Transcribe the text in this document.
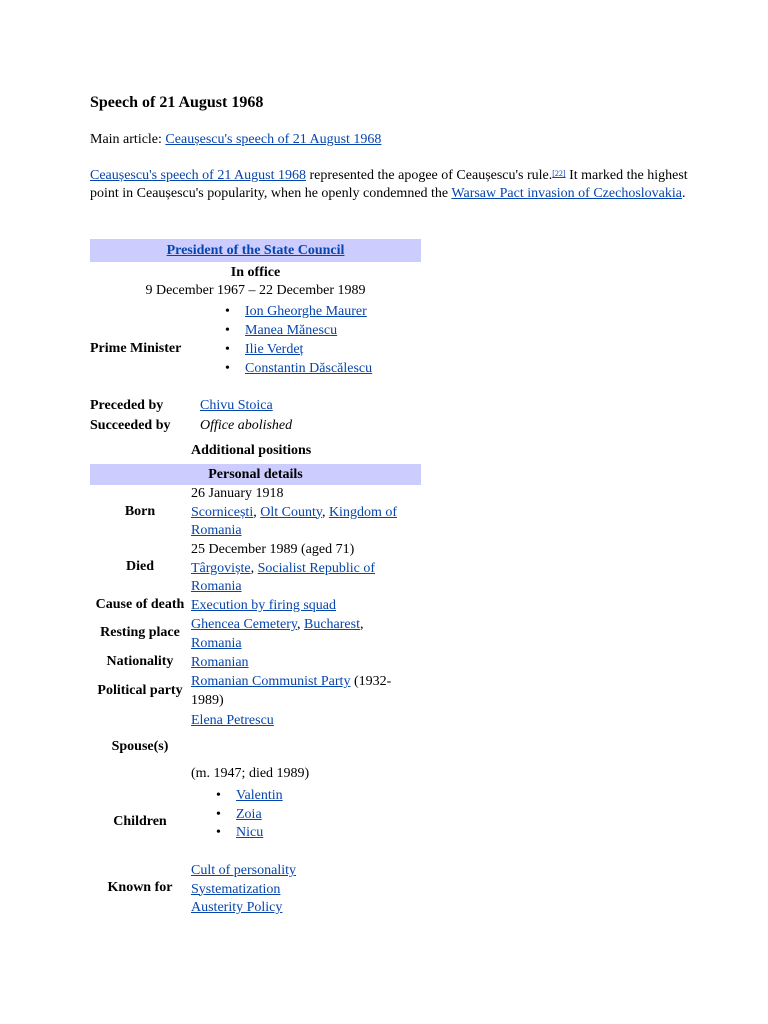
Speech of 21 August 1968
Main article: Ceaușescu's speech of 21 August 1968
Ceaușescu's speech of 21 August 1968 represented the apogee of Ceaușescu's rule.[22] It marked the highest point in Ceaușescu's popularity, when he openly condemned the Warsaw Pact invasion of Czechoslovakia.
President of the State Council
In office
9 December 1967 – 22 December 1989
Prime Minister
• Ion Gheorghe Maurer
• Manea Mănescu
• Ilie Verdeț
• Constantin Dăscălescu
Preceded by	Chivu Stoica
Succeeded by Office abolished
Additional positions
Personal details
Born
26 January 1918
Scornicești, Olt County, Kingdom of Romania
Died
25 December 1989 (aged 71)
Târgoviște, Socialist Republic of Romania
Cause of death Execution by firing squad
Resting place
Ghencea Cemetery, Bucharest,
Romania
Nationality	Romanian
Political party
Romanian Communist Party (1932-1989)
Elena Petrescu
Spouse(s)
(m. 1947; died 1989)
Children
• Valentin
• Zoia
• Nicu
Known for
Cult of personality
Systematization
Austerity Policy
